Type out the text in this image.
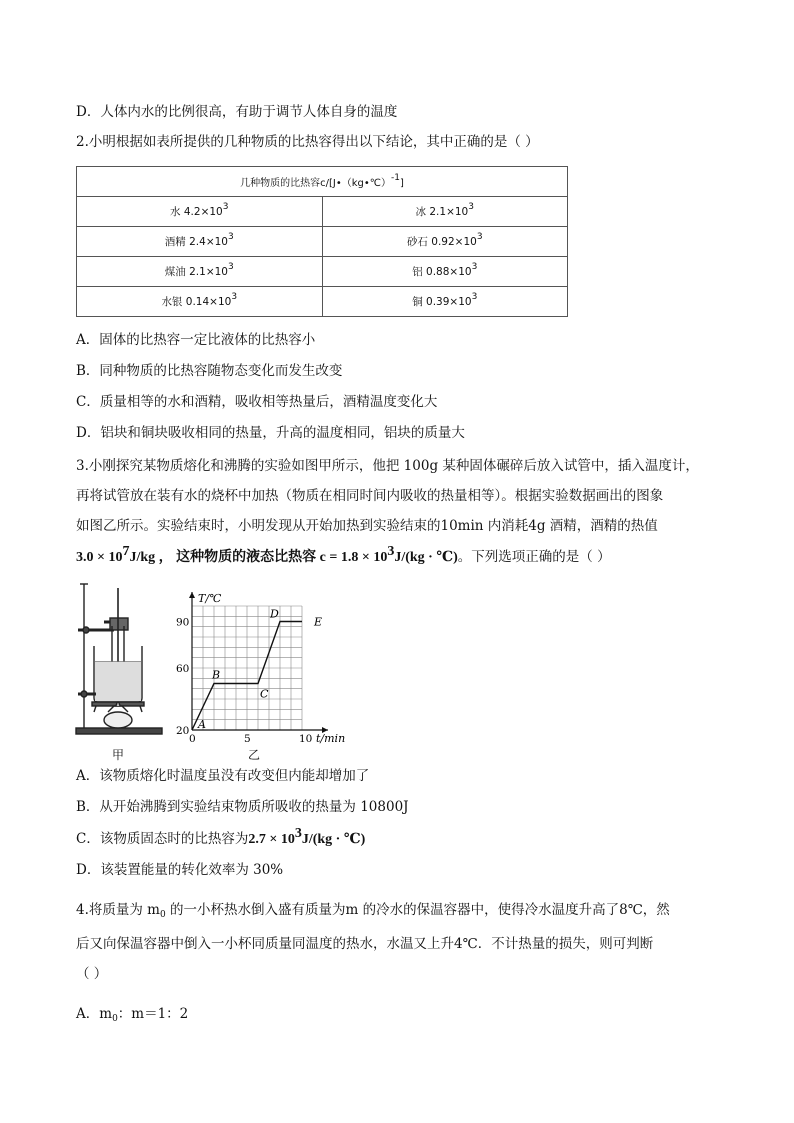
D．人体内水的比例很高，有助于调节人体自身的温度
2.小明根据如表所提供的几种物质的比热容得出以下结论，其中正确的是（ ）
几种物质的比热容c/[J•（kg•℃）$^{-1}$]	
水 $4.2\times 10^3$	冰 $2.1\times 10^3$
酒精 $2.4\times 10^3$	砂石 $0.92\times 10^3$
煤油 $2.1\times 10^3$	铝 $0.88\times 10^3$
水银 $0.14\times 10^3$	铜 $0.39\times 10^3$
A．固体的比热容一定比液体的比热容小
B．同种物质的比热容随物态变化而发生改变
C．质量相等的水和酒精，吸收相等热量后，酒精温度变化大
D．铝块和铜块吸收相同的热量，升高的温度相同，铝块的质量大
3.小刚探究某物质熔化和沸腾的实验如图甲所示，他把 100g 某种固体碾碎后放入试管中，插入温度计，
再将试管放在装有水的烧杯中加热（物质在相同时间内吸收的热量相等）。根据实验数据画出的图象
如图乙所示。实验结束时，小明发现从开始加热到实验结束的10min 内消耗4g 酒精，酒精的热值
$3.0 \times 10^7J/kg$ ， 这种物质的液态比热容 $c = 1.8 \times 10^3J/(kg$ · ℃)。下列选项正确的是（ ）
甲
T/℃
t/min
0	5	10
20
60
90
A
B
C
D
E
乙
A．该物质熔化时温度虽没有改变但内能却增加了
B．从开始沸腾到实验结束物质所吸收的热量为 10800J
C．该物质固态时的比热容为$2.7 \times 10^3J/(kg$ · ℃)
D．该装置能量的转化效率为 30%
4.将质量为 $m_0$ 的一小杯热水倒入盛有质量为m 的冷水的保温容器中，使得冷水温度升高了8℃，然
后又向保温容器中倒入一小杯同质量同温度的热水，水温又上升4℃．不计热量的损失，则可判断
（ ）
A．$m_0$：m＝1：2
